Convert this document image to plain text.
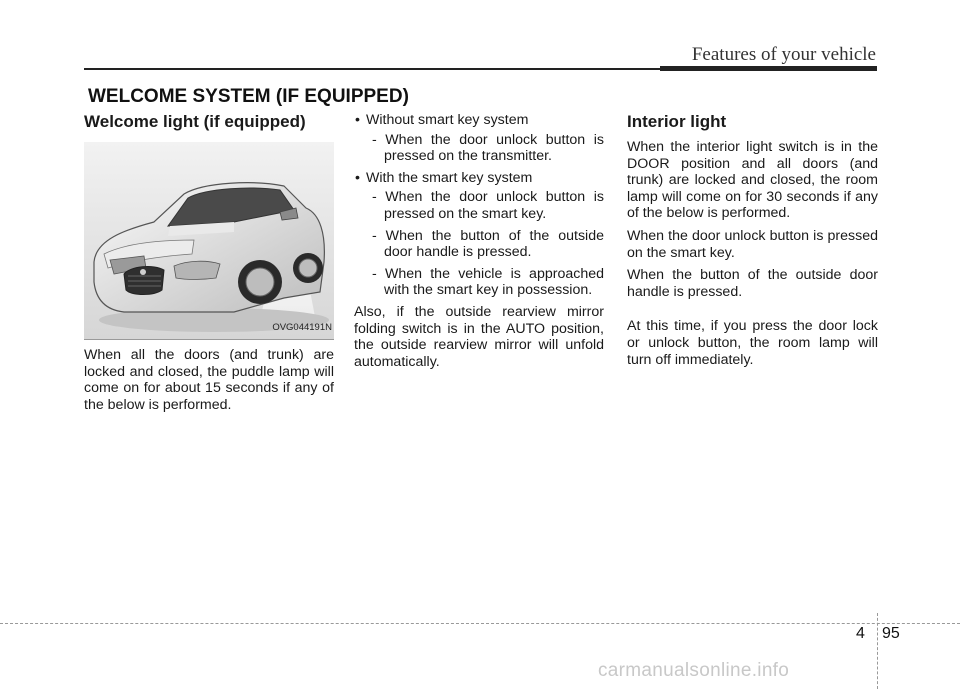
Features of your vehicle
WELCOME SYSTEM (IF EQUIPPED)
Welcome light (if equipped)
OVG044191N

When all the doors (and trunk) are locked and closed, the puddle lamp will come on for about 15 seconds if any of the below is performed.

• Without smart key system
- When the door unlock button is pressed on the transmitter.
• With the smart key system
- When the door unlock button is pressed on the smart key.
- When the button of the outside door handle is pressed.
- When the vehicle is approached with the smart key in possession.

Also, if the outside rearview mirror folding switch is in the AUTO position, the outside rearview mirror will unfold automatically.

Interior light

When the interior light switch is in the DOOR position and all doors (and trunk) are locked and closed, the room lamp will come on for 30 seconds if any of the below is performed.

When the door unlock button is pressed on the smart key.

When the button of the outside door handle is pressed.

At this time, if you press the door lock or unlock button, the room lamp will turn off immediately.

4 95
carmanualsonline.info
